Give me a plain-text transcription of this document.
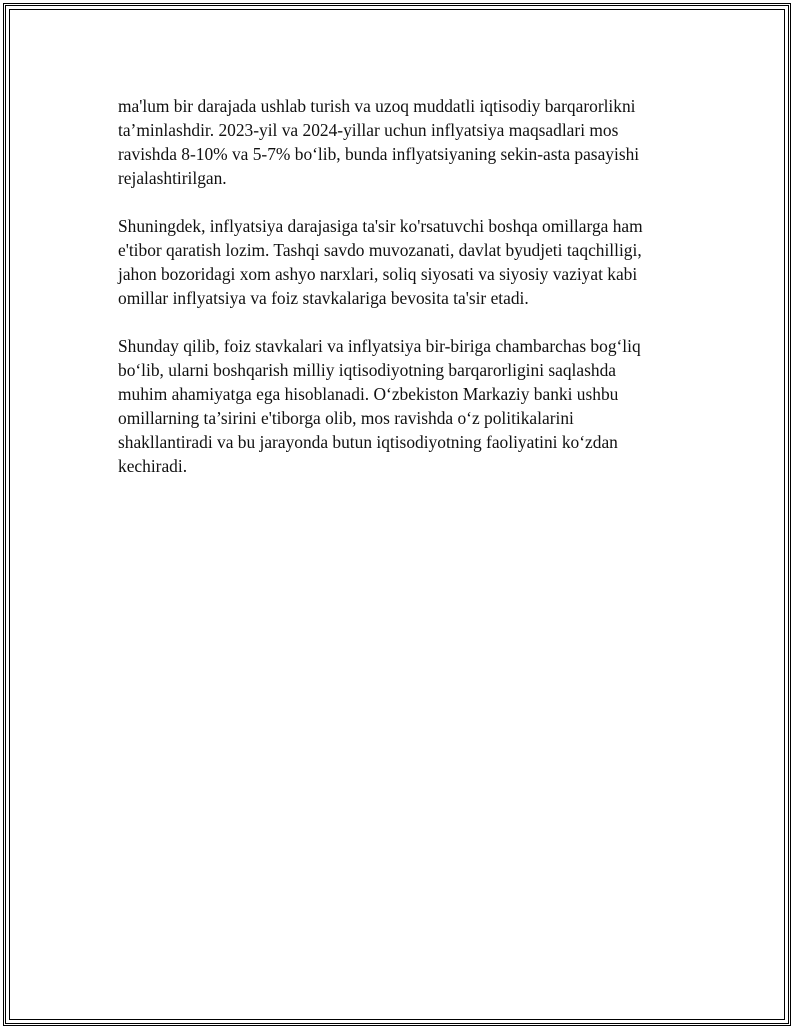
ma'lum bir darajada ushlab turish va uzoq muddatli iqtisodiy barqarorlikni
ta’minlashdir. 2023-yil va 2024-yillar uchun inflyatsiya maqsadlari mos
ravishda 8-10% va 5-7% bo‘lib, bunda inflyatsiyaning sekin-asta pasayishi
rejalashtirilgan.

Shuningdek, inflyatsiya darajasiga ta'sir ko'rsatuvchi boshqa omillarga ham
e'tibor qaratish lozim. Tashqi savdo muvozanati, davlat byudjeti taqchilligi,
jahon bozoridagi xom ashyo narxlari, soliq siyosati va siyosiy vaziyat kabi
omillar inflyatsiya va foiz stavkalariga bevosita ta'sir etadi.

Shunday qilib, foiz stavkalari va inflyatsiya bir-biriga chambarchas bog‘liq
bo‘lib, ularni boshqarish milliy iqtisodiyotning barqarorligini saqlashda
muhim ahamiyatga ega hisoblanadi. O‘zbekiston Markaziy banki ushbu
omillarning ta’sirini e'tiborga olib, mos ravishda o‘z politikalarini
shakllantiradi va bu jarayonda butun iqtisodiyotning faoliyatini ko‘zdan
kechiradi.
